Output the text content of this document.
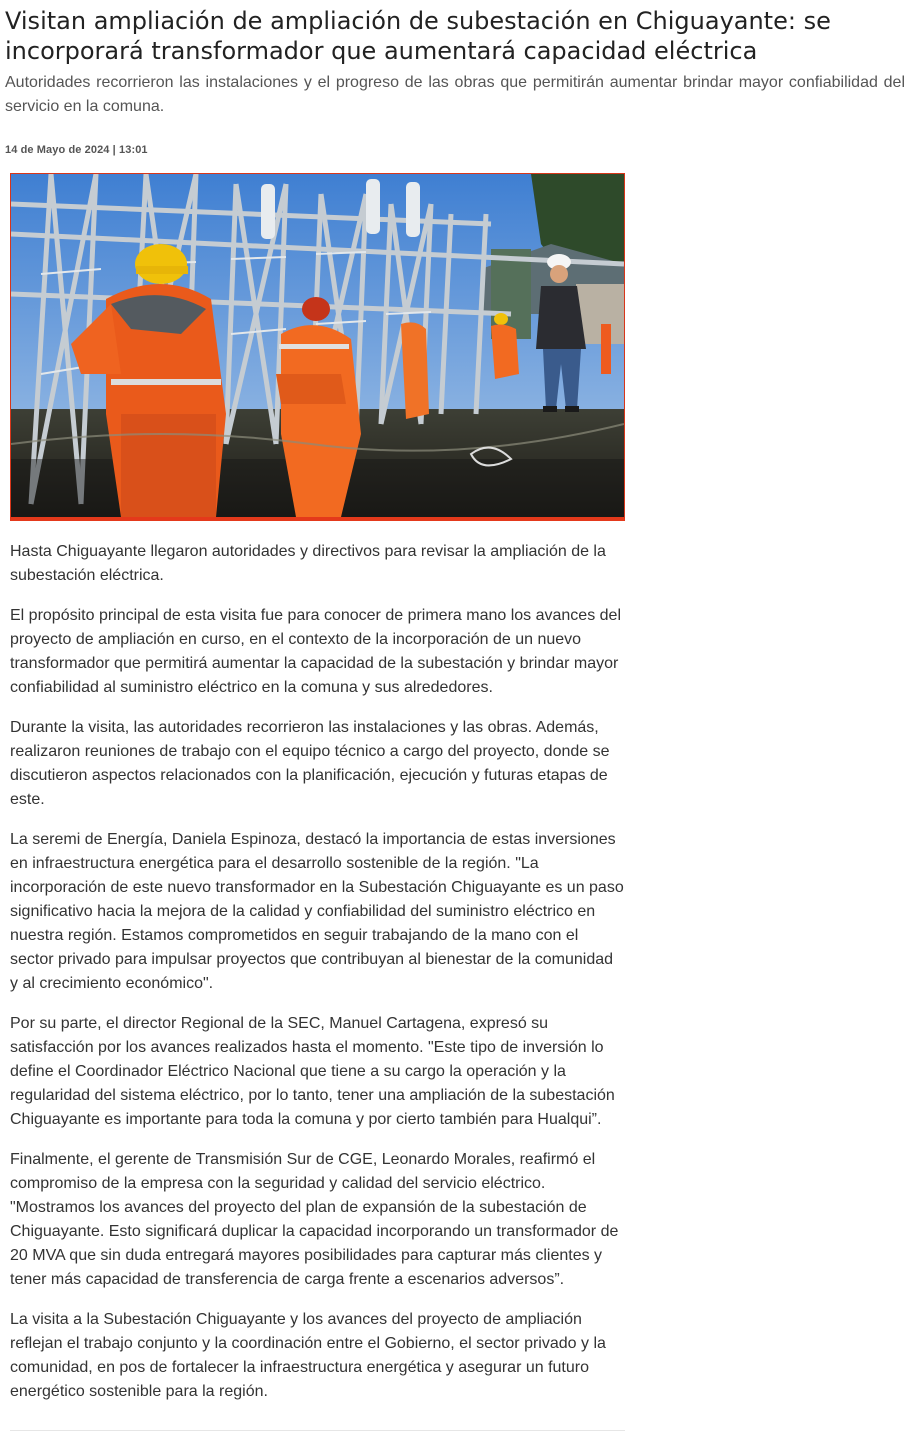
Visitan ampliación de ampliación de subestación en Chiguayante: se incorporará transformador que aumentará capacidad eléctrica

Autoridades recorrieron las instalaciones y el progreso de las obras que permitirán aumentar brindar mayor confiabilidad del servicio en la comuna.

14 de Mayo de 2024 | 13:01

Hasta Chiguayante llegaron autoridades y directivos para revisar la ampliación de la subestación eléctrica.

El propósito principal de esta visita fue para conocer de primera mano los avances del proyecto de ampliación en curso, en el contexto de la incorporación de un nuevo transformador que permitirá aumentar la capacidad de la subestación y brindar mayor confiabilidad al suministro eléctrico en la comuna y sus alrededores.

Durante la visita, las autoridades recorrieron las instalaciones y las obras. Además, realizaron reuniones de trabajo con el equipo técnico a cargo del proyecto, donde se discutieron aspectos relacionados con la planificación, ejecución y futuras etapas de este.

La seremi de Energía, Daniela Espinoza, destacó la importancia de estas inversiones en infraestructura energética para el desarrollo sostenible de la región. "La incorporación de este nuevo transformador en la Subestación Chiguayante es un paso significativo hacia la mejora de la calidad y confiabilidad del suministro eléctrico en nuestra región. Estamos comprometidos en seguir trabajando de la mano con el sector privado para impulsar proyectos que contribuyan al bienestar de la comunidad y al crecimiento económico".

Por su parte, el director Regional de la SEC, Manuel Cartagena, expresó su satisfacción por los avances realizados hasta el momento. "Este tipo de inversión lo define el Coordinador Eléctrico Nacional que tiene a su cargo la operación y la regularidad del sistema eléctrico, por lo tanto, tener una ampliación de la subestación Chiguayante es importante para toda la comuna y por cierto también para Hualqui”.

Finalmente, el gerente de Transmisión Sur de CGE, Leonardo Morales, reafirmó el compromiso de la empresa con la seguridad y calidad del servicio eléctrico. "Mostramos los avances del proyecto del plan de expansión de la subestación de Chiguayante. Esto significará duplicar la capacidad incorporando un transformador de 20 MVA que sin duda entregará mayores posibilidades para capturar más clientes y tener más capacidad de transferencia de carga frente a escenarios adversos”.

La visita a la Subestación Chiguayante y los avances del proyecto de ampliación reflejan el trabajo conjunto y la coordinación entre el Gobierno, el sector privado y la comunidad, en pos de fortalecer la infraestructura energética y asegurar un futuro energético sostenible para la región.
